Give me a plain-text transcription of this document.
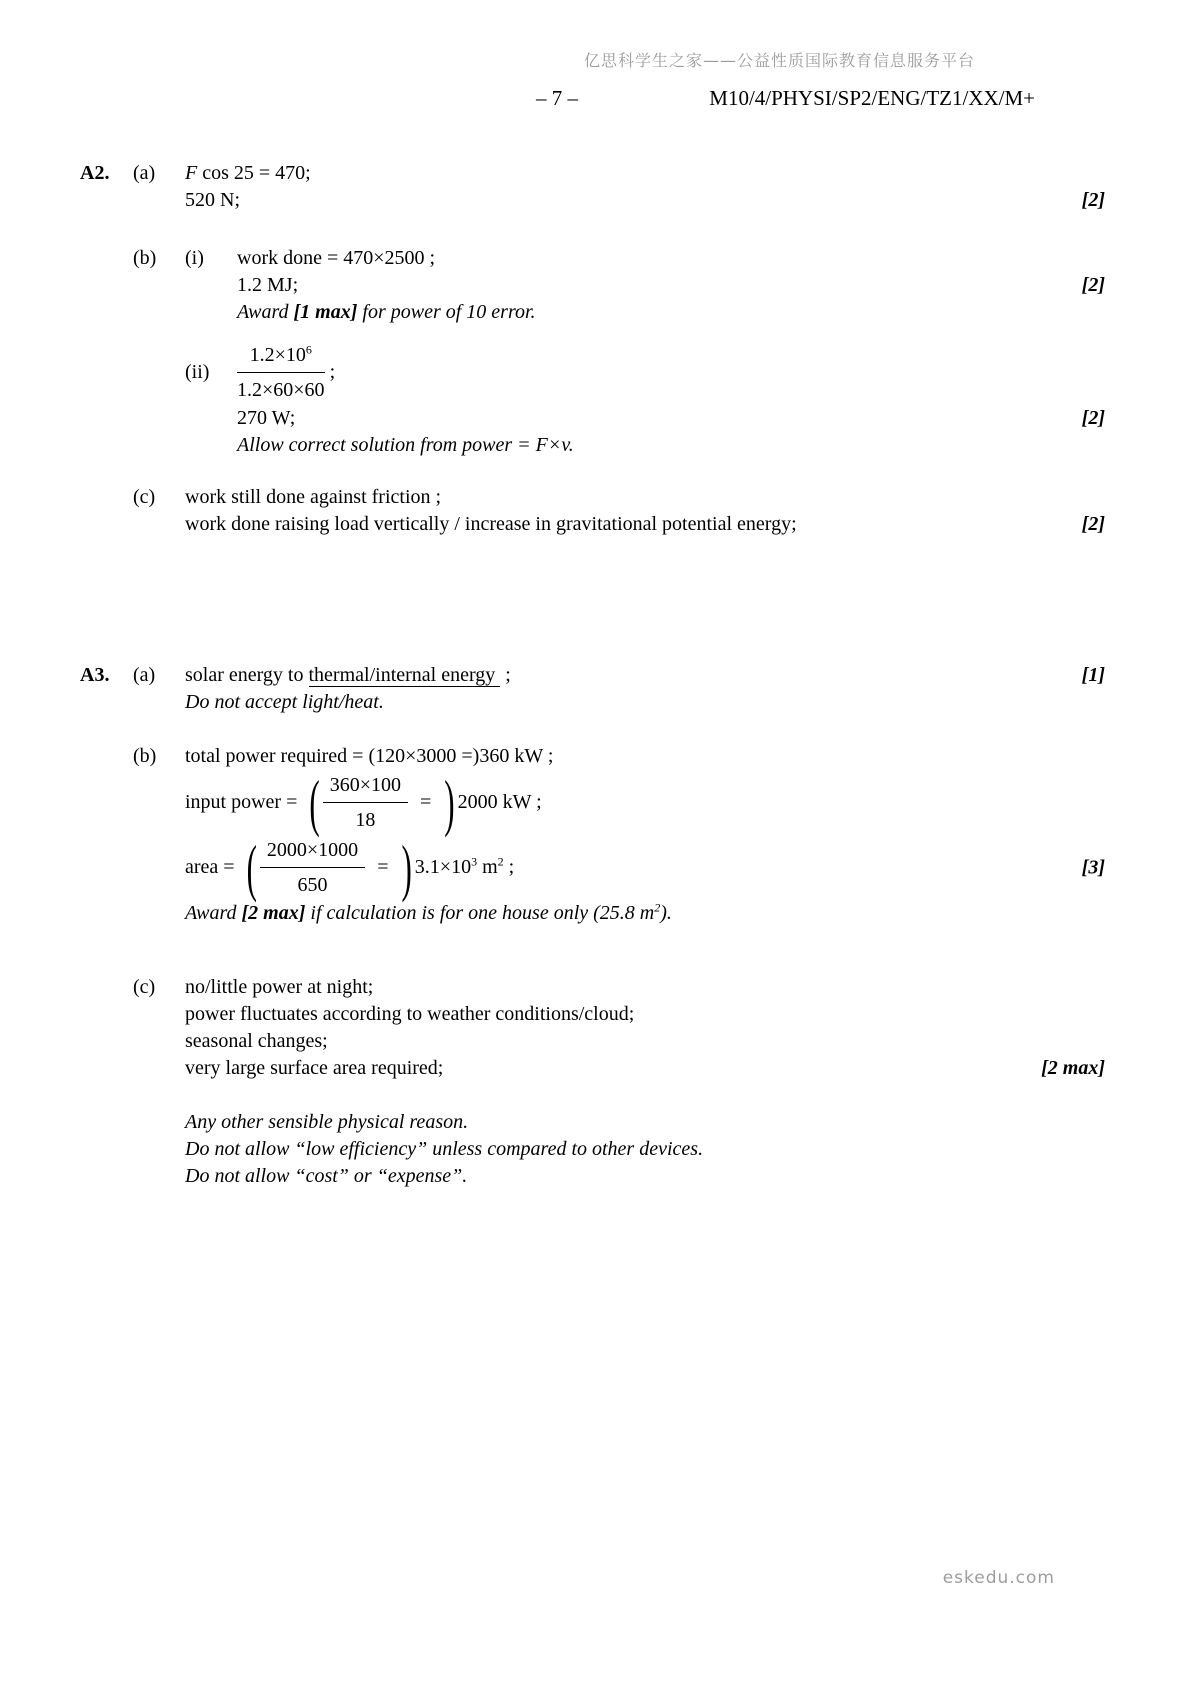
亿思科学生之家——公益性质国际教育信息服务平台
– 7 –	M10/4/PHYSI/SP2/ENG/TZ1/XX/M+
A2.	(a)	F cos 25 = 470;
520 N;	[2]
(b)	(i)	work done = 470×2500 ;
1.2 MJ;	[2]
Award [1 max] for power of 10 error.
(ii)	$\frac{1.2\times 10^6}{1.2\times 60\times 60}$ ;
270 W;	[2]
Allow correct solution from power = F×v.
(c)	work still done against friction ;
work done raising load vertically / increase in gravitational potential energy;	[2]
A3.	(a)	solar energy to thermal/internal energy ;	[1]
Do not accept light/heat.
(b)	total power required = (120×3000 =)360 kW ;
input power = ( $\frac{360\times 100}{18}$ = ) 2000 kW ;
area = ( $\frac{2000\times 1000}{650}$ = ) $3.1\times 10^3$ $m^2$ ;	[3]
Award [2 max] if calculation is for one house only (25.8 $m^2$).
(c)	no/little power at night;
power fluctuates according to weather conditions/cloud;
seasonal changes;
very large surface area required;	[2 max]
Any other sensible physical reason.
Do not allow “low efficiency” unless compared to other devices.
Do not allow “cost” or “expense”.
eskedu.com
